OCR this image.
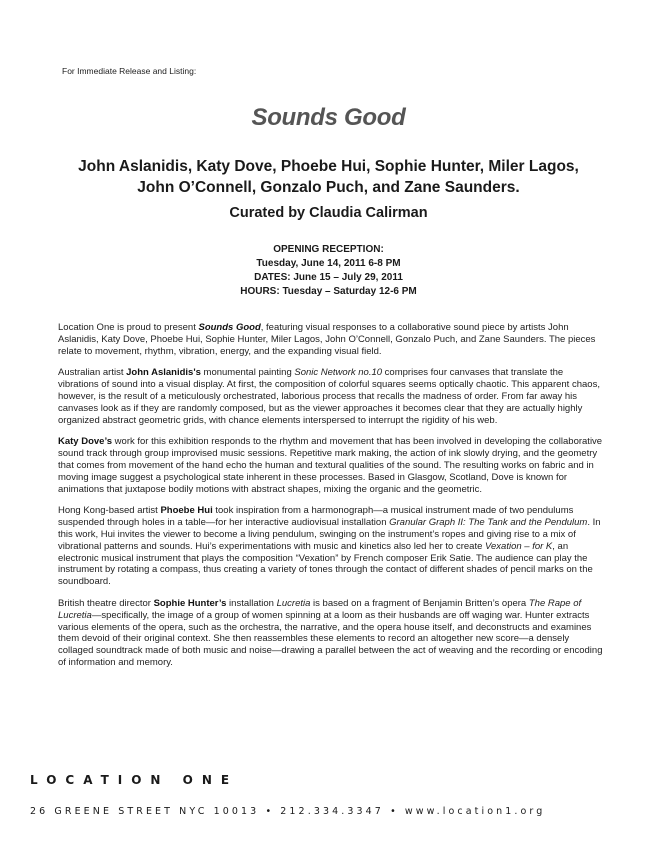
For Immediate Release and Listing:
Sounds Good
John Aslanidis, Katy Dove, Phoebe Hui, Sophie Hunter, Miler Lagos,
John O’Connell, Gonzalo Puch, and Zane Saunders.
Curated by Claudia Calirman
OPENING RECEPTION:
Tuesday, June 14, 2011 6-8 PM
DATES: June 15 – July 29, 2011
HOURS: Tuesday – Saturday 12-6 PM

Location One is proud to present Sounds Good, featuring visual responses to a collaborative sound piece by artists John Aslanidis, Katy Dove, Phoebe Hui, Sophie Hunter, Miler Lagos, John O’Connell, Gonzalo Puch, and Zane Saunders. The pieces relate to movement, rhythm, vibration, energy, and the expanding visual field.

Australian artist John Aslanidis's monumental painting Sonic Network no.10 comprises four canvases that translate the vibrations of sound into a visual display. At first, the composition of colorful squares seems optically chaotic. This apparent chaos, however, is the result of a meticulously orchestrated, laborious process that recalls the madness of order. From far away his canvases look as if they are randomly composed, but as the viewer approaches it becomes clear that they are actually highly organized abstract geometric grids, with chance elements interspersed to interrupt the rigidity of his web.

Katy Dove’s work for this exhibition responds to the rhythm and movement that has been involved in developing the collaborative sound track through group improvised music sessions. Repetitive mark making, the action of ink slowly drying, and the geometry that comes from movement of the hand echo the human and textural qualities of the sound. The resulting works on fabric and in moving image suggest a psychological state inherent in these processes. Based in Glasgow, Scotland, Dove is known for animations that juxtapose bodily motions with abstract shapes, mixing the organic and the geometric.

Hong Kong-based artist Phoebe Hui took inspiration from a harmonograph—a musical instrument made of two pendulums suspended through holes in a table—for her interactive audiovisual installation Granular Graph II: The Tank and the Pendulum. In this work, Hui invites the viewer to become a living pendulum, swinging on the instrument’s ropes and giving rise to a mix of vibrational patterns and sounds. Hui’s experimentations with music and kinetics also led her to create Vexation – for K, an electronic musical instrument that plays the composition “Vexation” by French composer Erik Satie. The audience can play the instrument by rotating a compass, thus creating a variety of tones through the contact of different shades of pencil marks on the soundboard.

British theatre director Sophie Hunter’s installation Lucretia is based on a fragment of Benjamin Britten’s opera The Rape of Lucretia—specifically, the image of a group of women spinning at a loom as their husbands are off waging war. Hunter extracts various elements of the opera, such as the orchestra, the narrative, and the opera house itself, and deconstructs and examines them devoid of their original context. She then reassembles these elements to record an altogether new score—a densely collaged soundtrack made of both music and noise—drawing a parallel between the act of weaving and the recording or encoding of information and memory.

LOCATION ONE
26 GREENE STREET NYC 10013 • 212.334.3347 • www.location1.org
